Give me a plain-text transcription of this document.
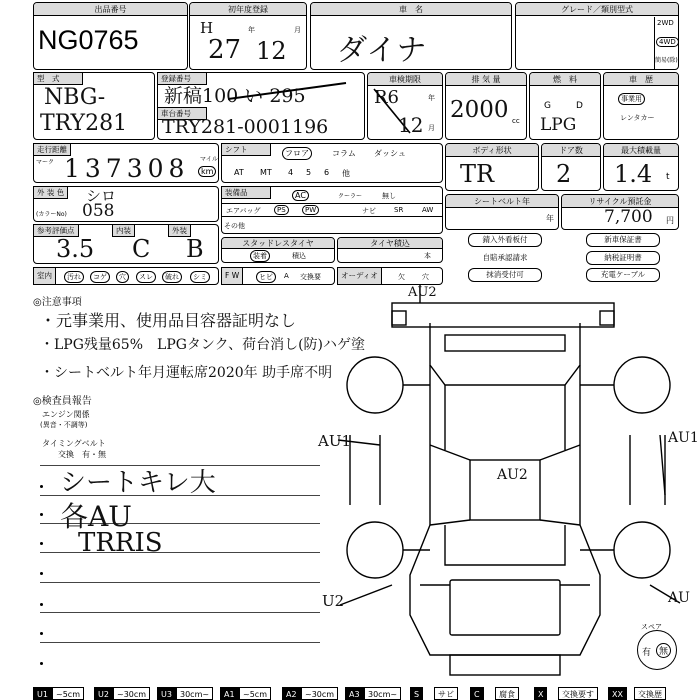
出品番号
NG0765
初年度登録
H
27
年
12
月
車　名
ダイナ
グレード／類別型式
2WD
4WD
簡易(除)
型　式
NBG-
TRY281
登録番号
新稿100 い 295
車台番号
TRY281-0001196
車検期限
R6	年
12 月
排 気 量
2000 cc
燃　料
G	D
LPG
車　歴
事業用
レンタカー
走行距離
マーク 137308 マイル
km
シフト	フロア	コラム ダッシュ
AT MT 4 5 6 他
ボディ形状
TR
ドア数
2
最大積載量
1.4 t
外 装 色 シロ
(カラーNo) 058
装備品	AC	クーラー	無し
エアバッグ	PS	PW	ナビ	SR	AW
その他
シートベルト年
年
リサイクル預託金
7,700 円
参考評価点	内装	外装
3.5 C B	スタッドレスタイヤ
装着	積込
タイヤ積込
本
錆入外看板付	新車保証書
自賠承認請求	納税証明書
抹消受付可	充電ケーブル
室内	汚れ	コゲ	穴	スレ	破れ	シミ	F W	ヒビ	A 交換要	オーディオ	欠 穴
◎注意事項
・元事業用、使用品目容器証明なし
・LPG残量65%　LPGタンク、荷台消し(防)ハゲ塗
・シートベルト年月運転席2020年 助手席不明
◎検査員報告
エンジン関係
(異音・不調等)
タイミングベルト
交換　有・無
シートキレ大
各AU
TRRIS
AU2
AU1
AU2
U2
AU1
AU
スペア
有 無
U1	~5cm	U2	~30cm	U3	30cm~	A1	~5cm	A2	~30cm	A3	30cm~	S	サビ	C	腐食	X	交換要す	XX	交換歴
